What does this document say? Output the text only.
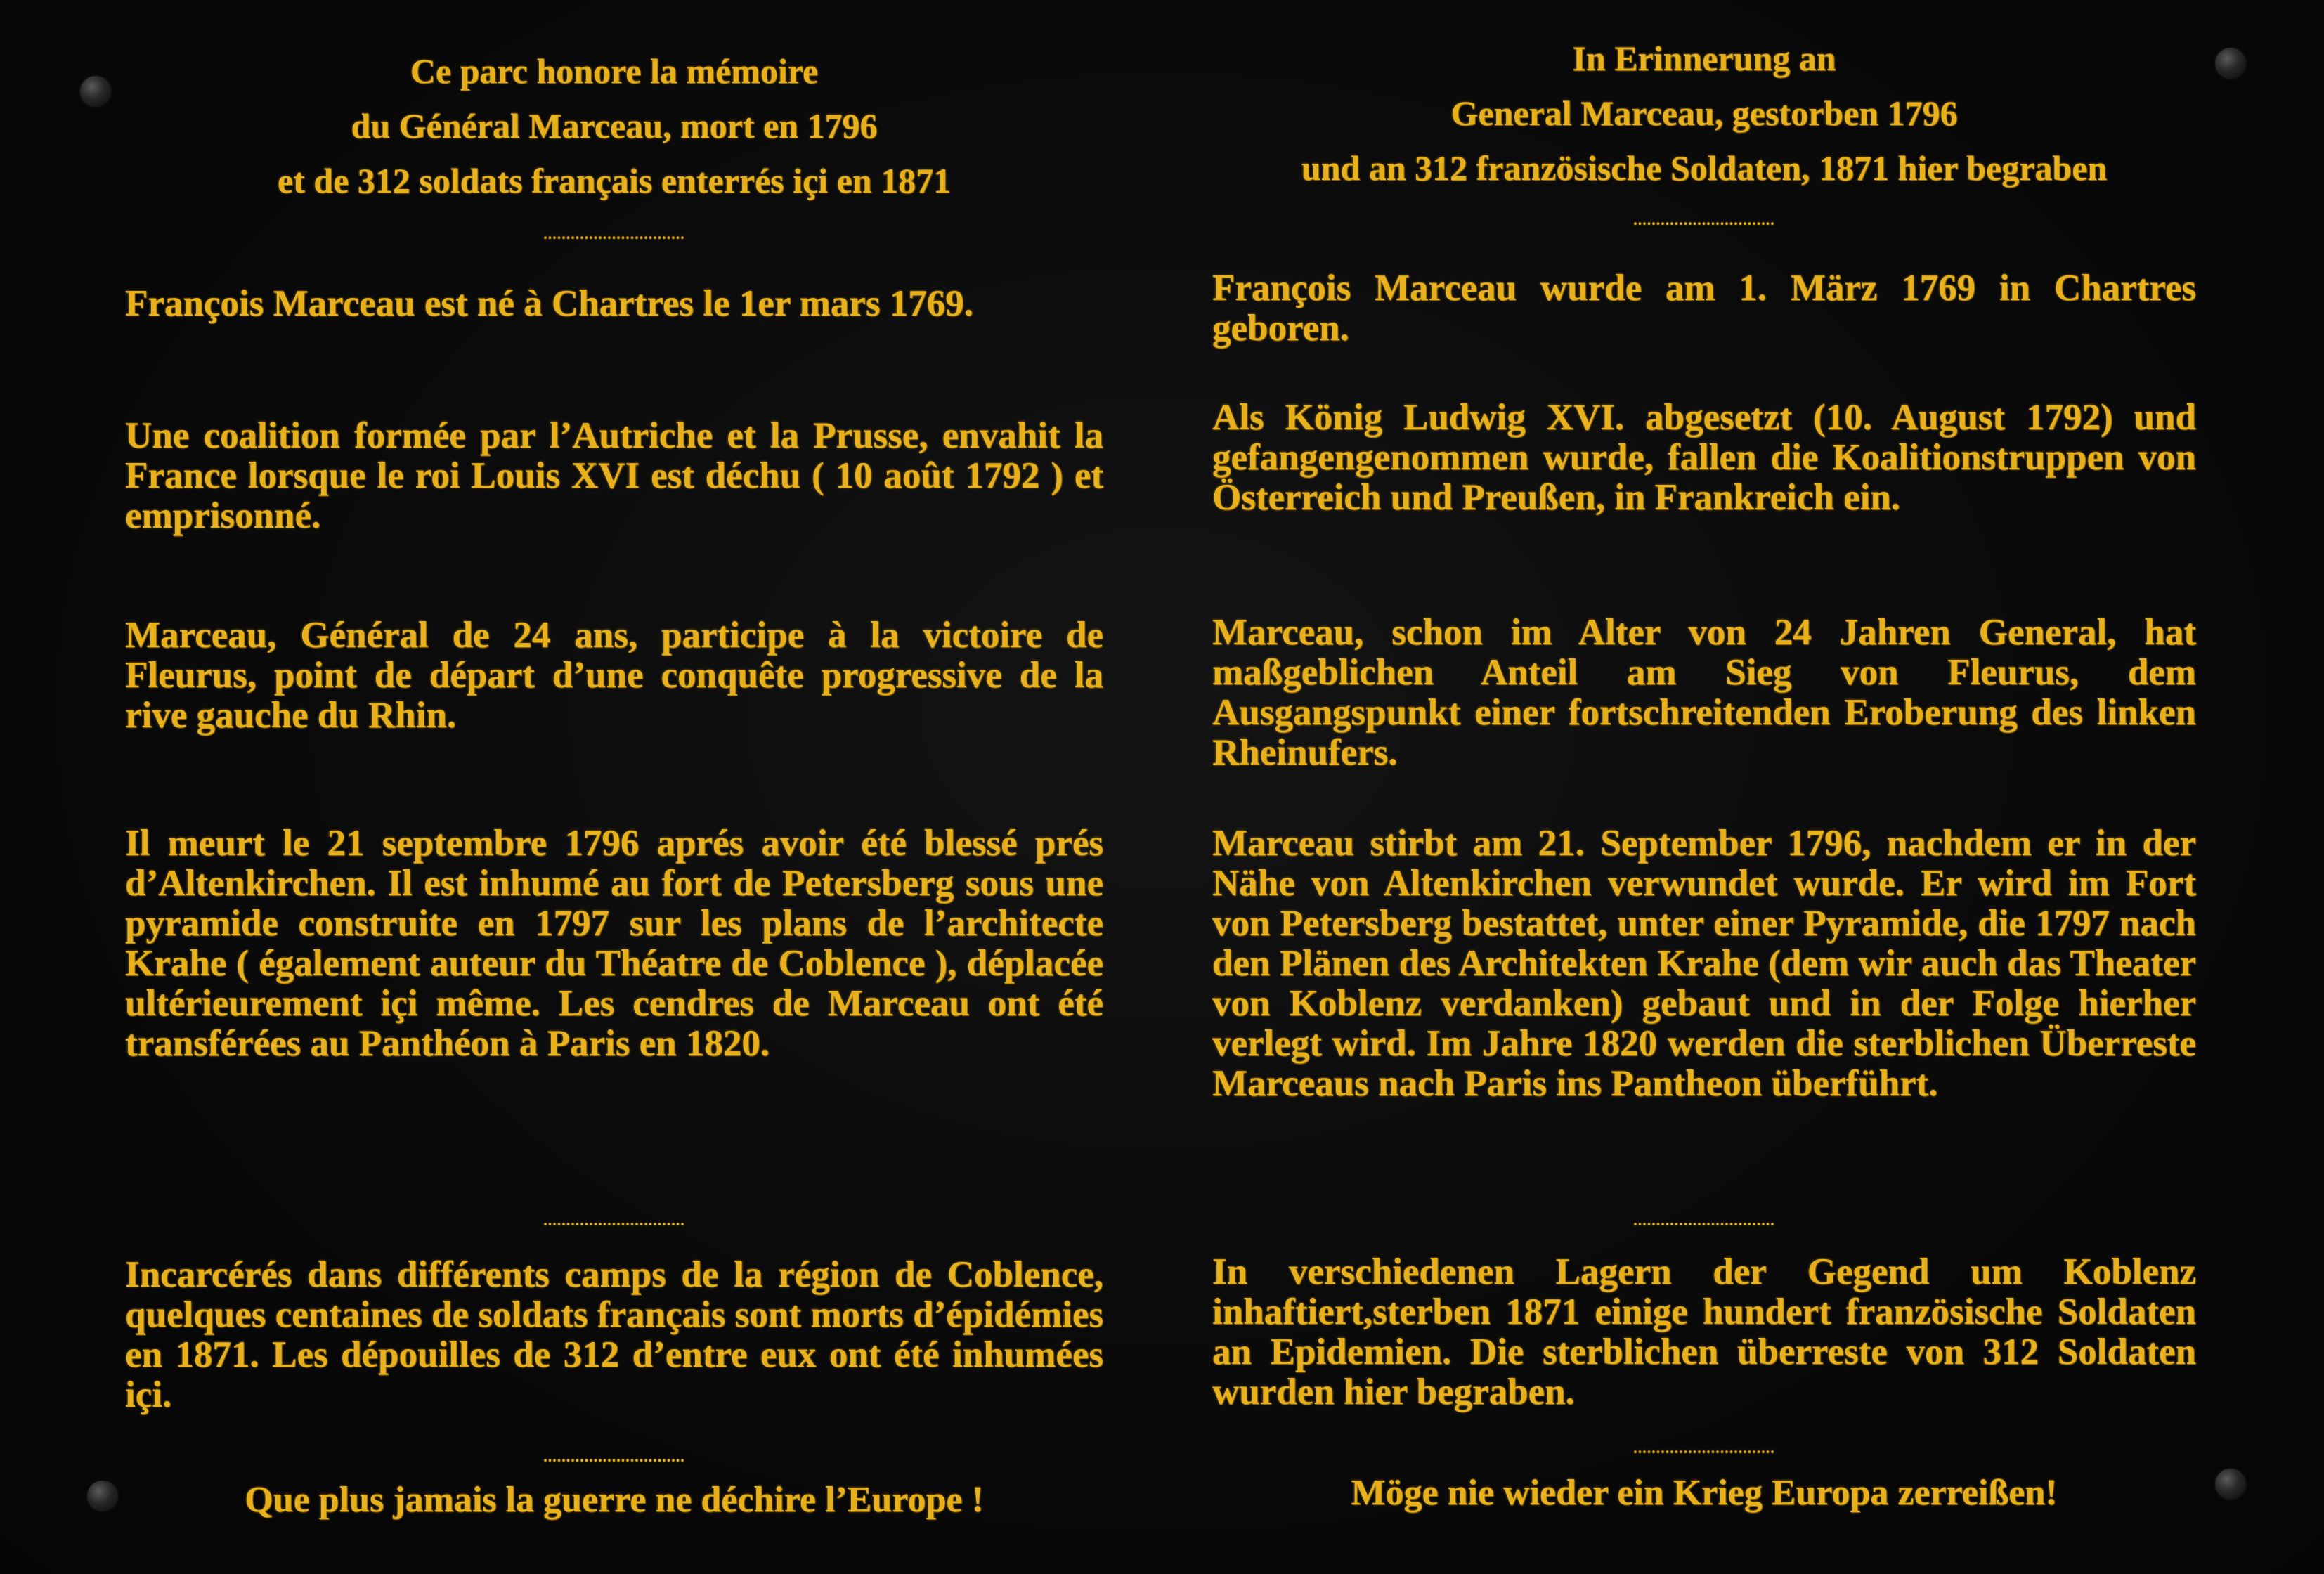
Ce parc honore la mémoire
du Général Marceau, mort en 1796
et de 312 soldats français enterrés içi en 1871
...............................

François Marceau est né à Chartres le 1er mars 1769.

Une coalition formée par l’Autriche et la Prusse, envahit la France lorsque le roi Louis XVI est déchu ( 10 août 1792 ) et emprisonné.

Marceau, Général de 24 ans, participe à la victoire de Fleurus, point de départ d’une conquête progressive de la rive gauche du Rhin.

Il meurt le 21 septembre 1796 aprés avoir été blessé prés d’Altenkirchen. Il est inhumé au fort de Petersberg sous une pyramide construite en 1797 sur les plans de l’architecte Krahe ( également auteur du Théatre de Coblence ), déplacée ultérieurement içi même. Les cendres de Marceau ont été transférées au Panthéon à Paris en 1820.

...............................

Incarcérés dans différents camps de la région de Coblence, quelques centaines de soldats français sont morts d’épidémies en 1871. Les dépouilles de 312 d’entre eux ont été inhumées içi.

...............................

Que plus jamais la guerre ne déchire l’Europe !

In Erinnerung an
General Marceau, gestorben 1796
und an 312 französische Soldaten, 1871 hier begraben
...............................

François Marceau wurde am 1. März 1769 in Chartres geboren.

Als König Ludwig XVI. abgesetzt (10. August 1792) und gefangengenommen wurde, fallen die Koalitionstruppen von Österreich und Preußen, in Frankreich ein.

Marceau, schon im Alter von 24 Jahren General, hat maßgeblichen Anteil am Sieg von Fleurus, dem Ausgangspunkt einer fortschreitenden Eroberung des linken Rheinufers.

Marceau stirbt am 21. September 1796, nachdem er in der Nähe von Altenkirchen verwundet wurde. Er wird im Fort von Petersberg bestattet, unter einer Pyramide, die 1797 nach den Plänen des Architekten Krahe (dem wir auch das Theater von Koblenz verdanken) gebaut und in der Folge hierher verlegt wird. Im Jahre 1820 werden die sterblichen Überreste Marceaus nach Paris ins Pantheon überführt.

...............................

In verschiedenen Lagern der Gegend um Koblenz inhaftiert,sterben 1871 einige hundert französische Soldaten an Epidemien. Die sterblichen überreste von 312 Soldaten wurden hier begraben.

...............................

Möge nie wieder ein Krieg Europa zerreißen!
